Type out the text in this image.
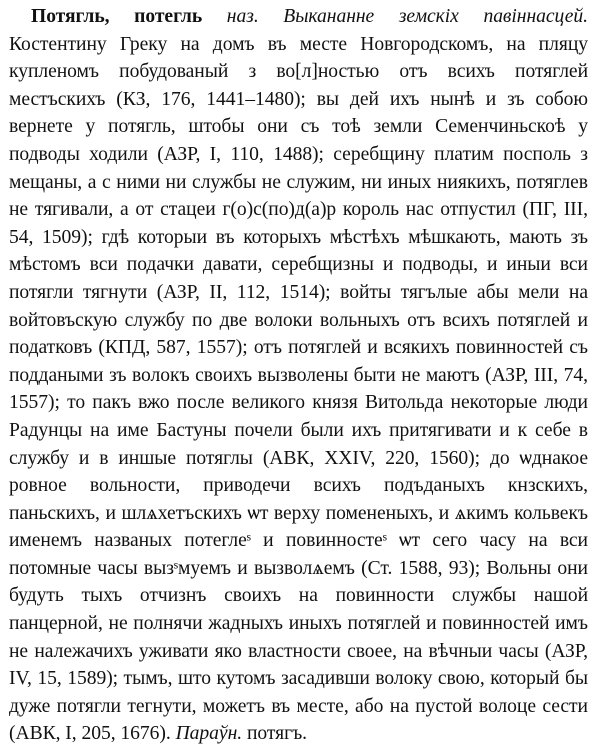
Потягль, потегль наз. Выкананне земскіх павіннасцей. Костентину Греку на домъ въ месте Новгородскомъ, на пляцу купленомъ побудованый з во[л]ностью отъ всихъ потяглей местъскихъ (КЗ, 176, 1441–1480); вы дей ихъ нынѣ и зъ собою вернете у потягль, штобы они съ тоѣ земли Семенчиньскоѣ у подводы ходили (АЗР, I, 110, 1488); серебщину платим посполь з мещаны, а с ними ни службы не служим, ни иных ниякихъ, потяглев не тягивали, а от стацеи г(о)с(по)д(а)р король нас отпустил (ПГ, III, 54, 1509); гдѣ которыи въ которыхъ мѣстѣхъ мѣшкають, мають зъ мѣстомъ вси подачки давати, серебщизны и подводы, и иныи вси потягли тягнути (АЗР, II, 112, 1514); войты тягълые абы мели на войтовъскую службу по две волоки вольныхъ отъ всихъ потяглей и податковъ (КПД, 587, 1557); отъ потяглей и всякихъ повинностей съ поддаными зъ волокъ своихъ вызволены быти не маютъ (АЗР, III, 74, 1557); то пакъ вжо после великого князя Витольда некоторые люди Радунцы на име Бастуны почели были ихъ притягивати и к себе в службу и в иншые потяглы (АВК, XXIV, 220, 1560); до ѡднакое ровное вольности, приводечи всихъ подъданыхъ кнзскихъ, паньскихъ, и шлѧхетъскихъ ѡт верху помененыхъ, и ѧкимъ кольвекъ именемъ названых потеглеˢ и повинностеˢ ѡт сего часу на вси потомные часы вызˢмуемъ и вызволѧемъ (Ст. 1588, 93); Вольны они будуть тыхъ отчизнъ своихъ на повинности службы нашой панцерной, не полнячи жадныхъ иныхъ потяглей и повинностей имъ не належачихъ уживати яко властности своее, на вѣчныи часы (АЗР, IV, 15, 1589); тымъ, што кутомъ засадивши волоку свою, который бы дуже потягли тегнути, можетъ въ месте, або на пустой волоце сести (АВК, I, 205, 1676). Параўн. потягъ.
